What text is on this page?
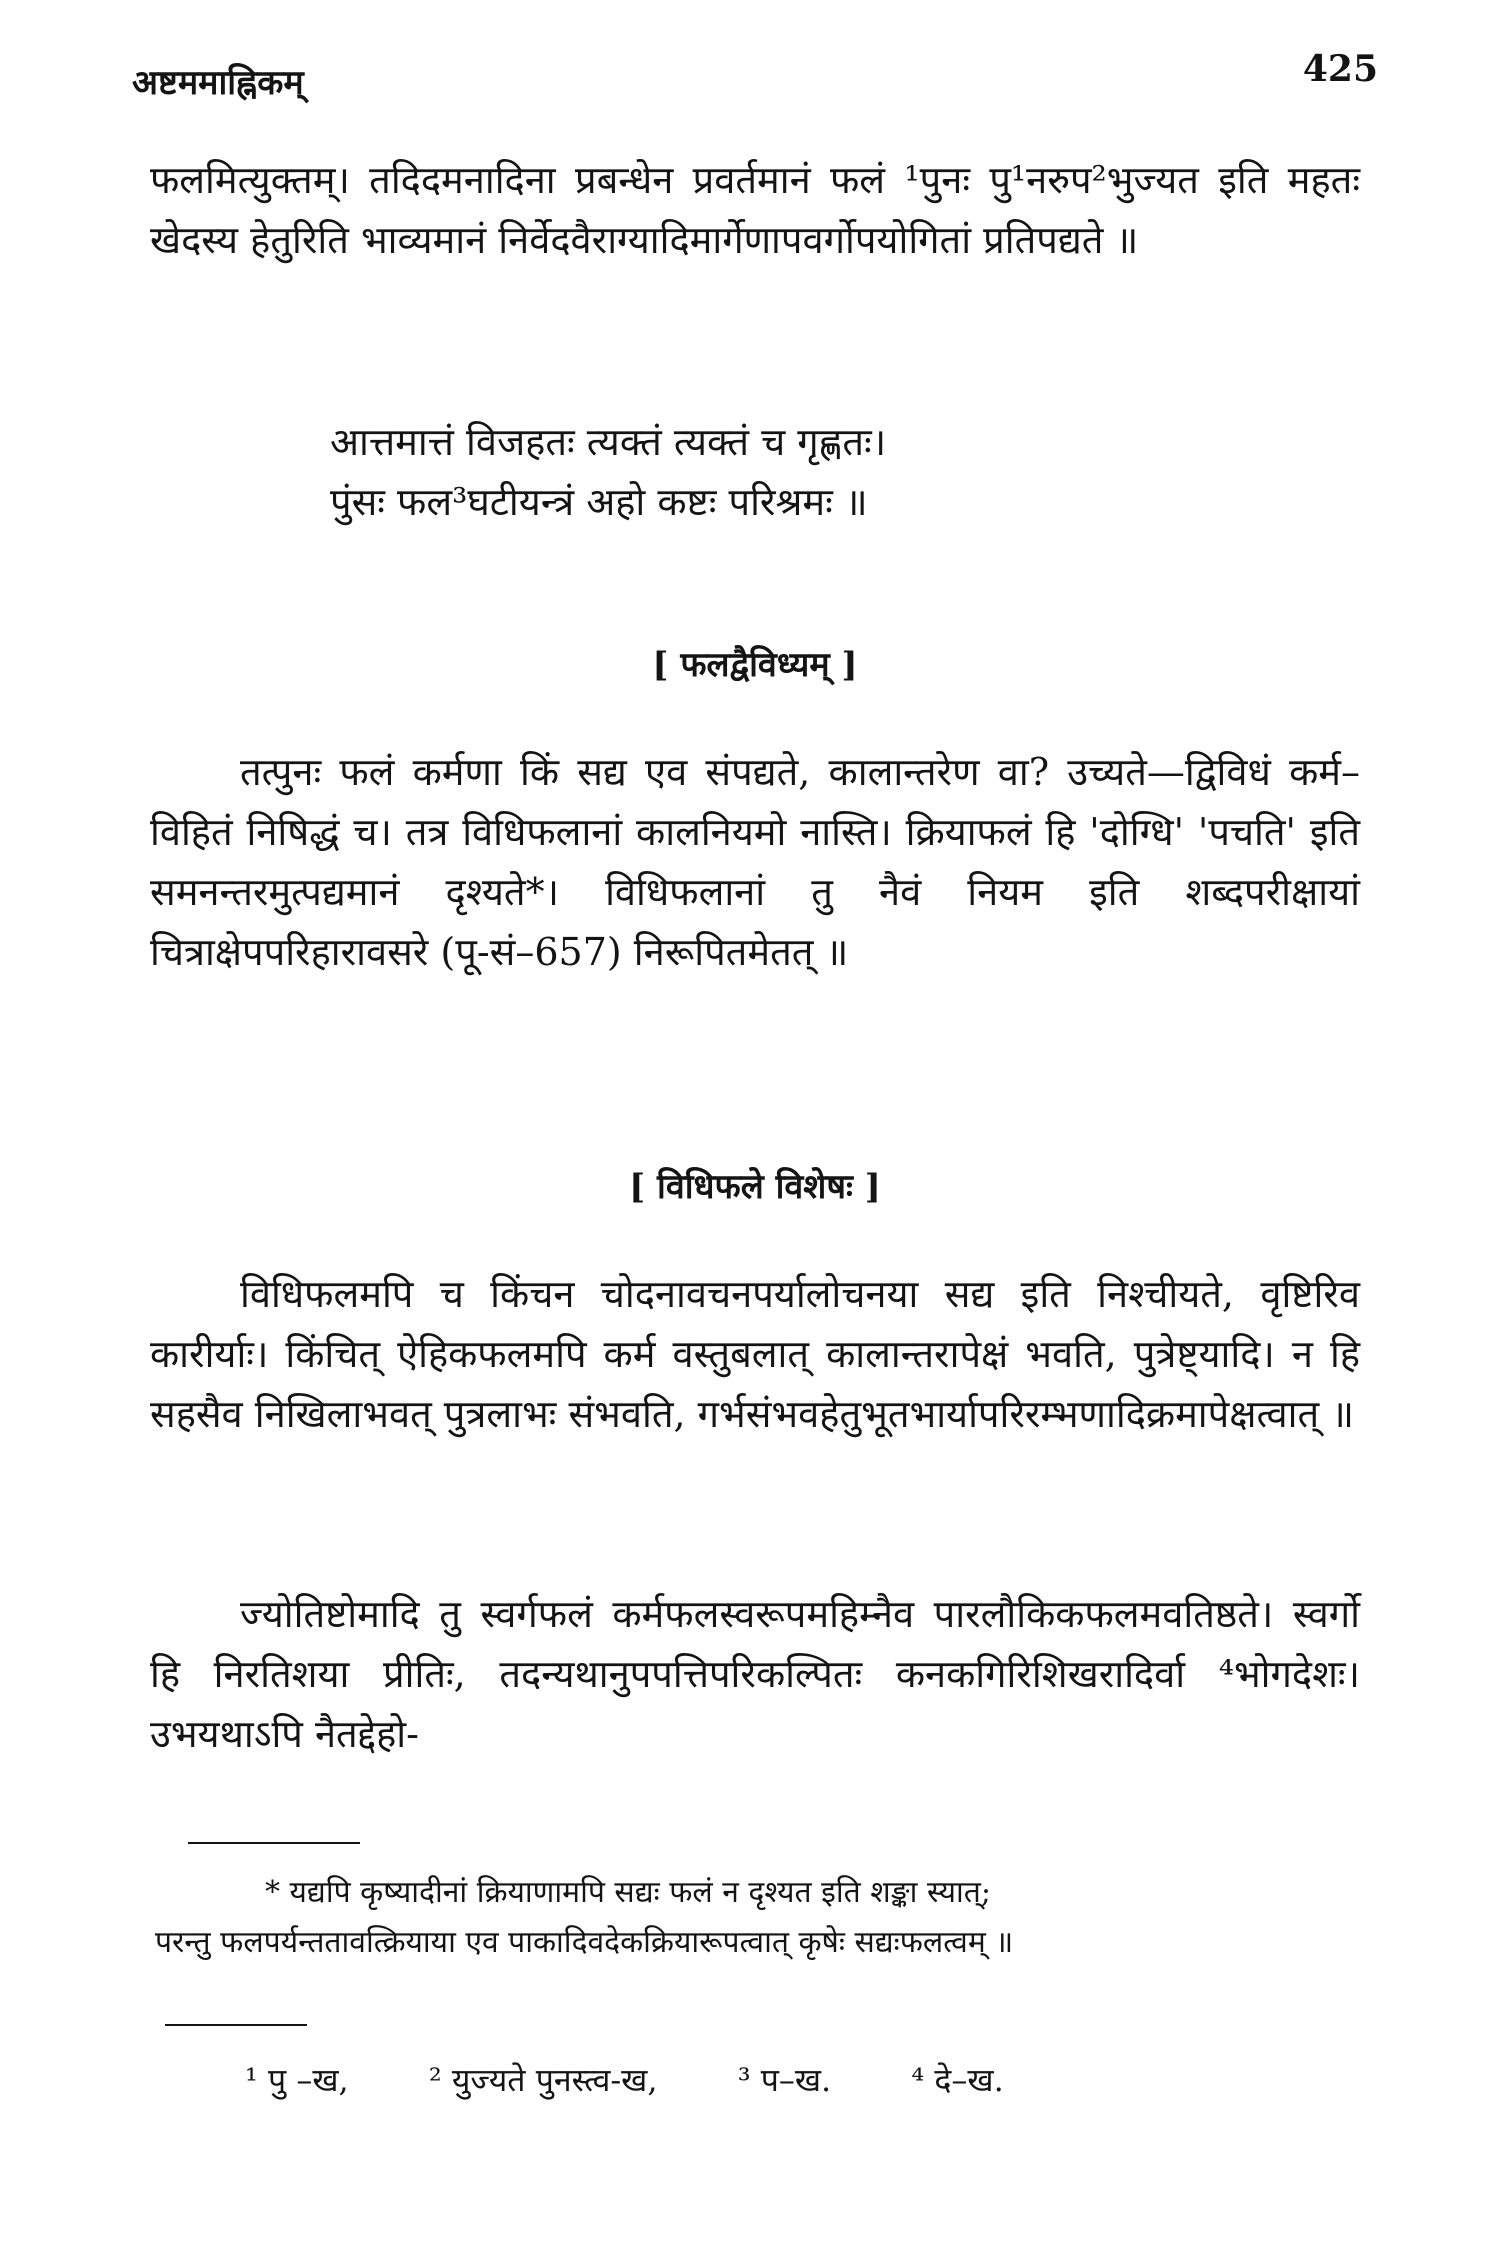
अष्टममाह्निकम्	425

फलमित्युक्तम्। तदिदमनादिना प्रबन्धेन प्रवर्तमानं फलं ¹पुनः पु¹नरुप²भुज्यत इति महतः खेदस्य हेतुरिति भाव्यमानं निर्वेदवैराग्यादिमार्गेणापवर्गोपयोगितां प्रतिपद्यते ॥

आत्तमात्तं विजहतः त्यक्तं त्यक्तं च गृह्णतः।
पुंसः फल³घटीयन्त्रं अहो कष्टः परिश्रमः ॥
[ फलद्वैविध्यम् ]

तत्पुनः फलं कर्मणा किं सद्य एव संपद्यते, कालान्तरेण वा? उच्यते—द्विविधं कर्म–विहितं निषिद्धं च। तत्र विधिफलानां कालनियमो नास्ति। क्रियाफलं हि 'दोग्धि' 'पचति' इति समनन्तरमुत्पद्यमानं दृश्यते*। विधिफलानां तु नैवं नियम इति शब्दपरीक्षायां चित्राक्षेपपरिहारावसरे (पू-सं–657) निरूपितमेतत् ॥

[ विधिफले विशेषः ]

विधिफलमपि च किंचन चोदनावचनपर्यालोचनया सद्य इति निश्चीयते, वृष्टिरिव कारीर्याः। किंचित् ऐहिकफलमपि कर्म वस्तुबलात् कालान्तरापेक्षं भवति, पुत्रेष्ट्यादि। न हि सहसैव निखिलाभवत् पुत्रलाभः संभवति, गर्भसंभवहेतुभूतभार्यापरिरम्भणादिक्रमापेक्षत्वात् ॥

ज्योतिष्टोमादि तु स्वर्गफलं कर्मफलस्वरूपमहिम्नैव पारलौकिकफलमवतिष्ठते। स्वर्गो हि निरतिशया प्रीतिः, तदन्यथानुपपत्तिपरिकल्पितः कनकगिरिशिखरादिर्वा ⁴भोगदेशः। उभयथाऽपि नैतद्देहो-

* यद्यपि कृष्यादीनां क्रियाणामपि सद्यः फलं न दृश्यत इति शङ्का स्यात्;
परन्तु फलपर्यन्ततावत्क्रियाया एव पाकादिवदेकक्रियारूपत्वात् कृषेः सद्यःफलत्वम् ॥
¹ पु –ख,	² युज्यते पुनस्त्व-ख,	³ प–ख.	⁴ दे–ख.
